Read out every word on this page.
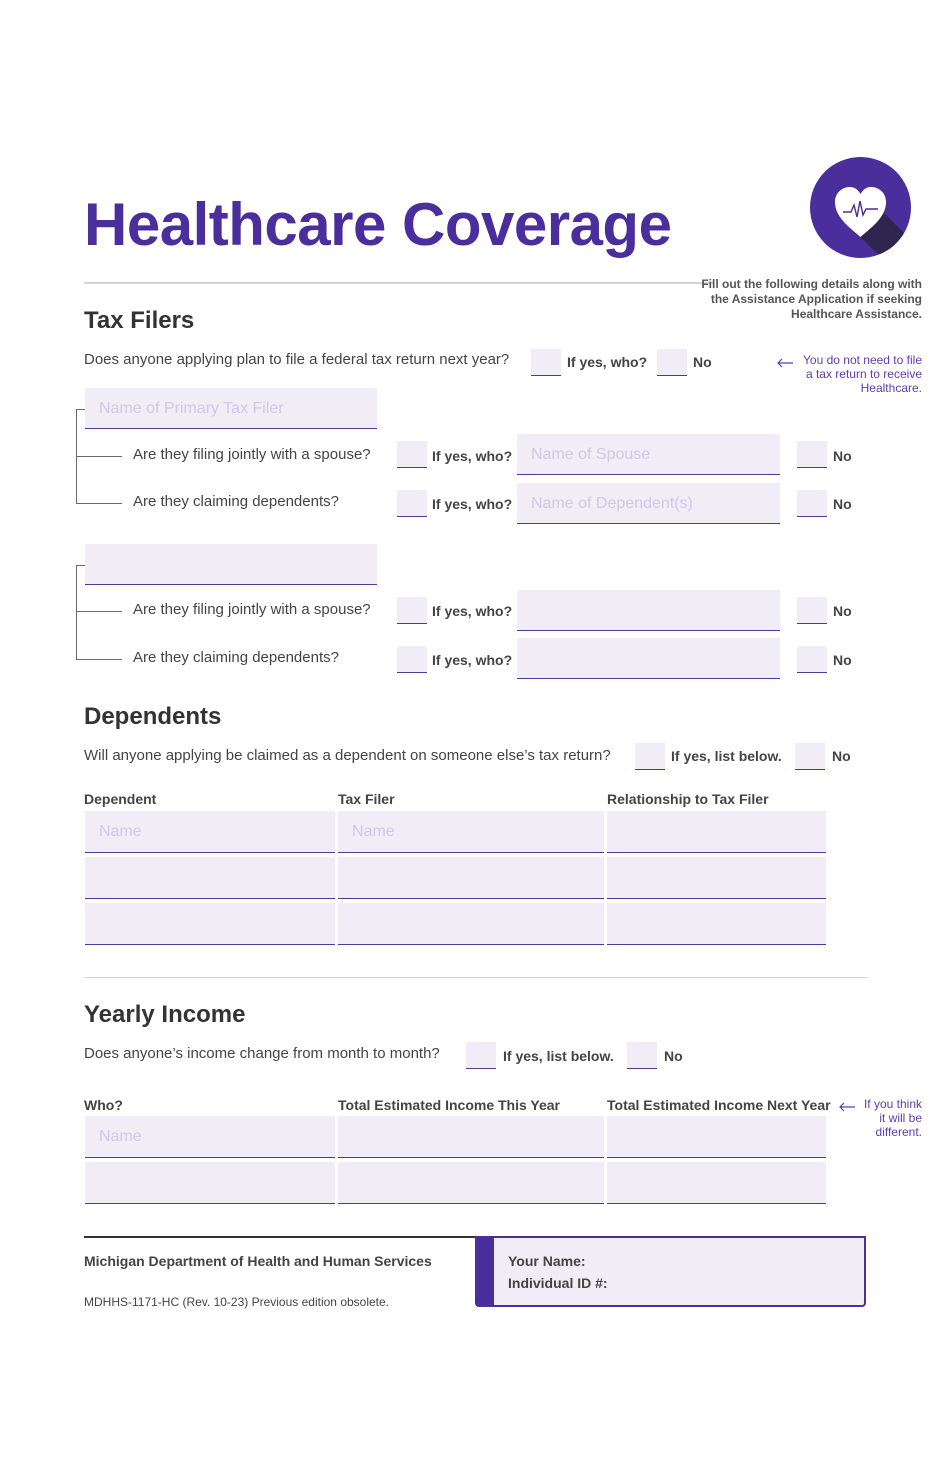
Healthcare Coverage
Fill out the following details along with the Assistance Application if seeking Healthcare Assistance.
Tax Filers
Does anyone applying plan to file a federal tax return next year?	If yes, who?	No	You do not need to file a tax return to receive Healthcare.
Name of Primary Tax Filer
Are they filing jointly with a spouse?	If yes, who? Name of Spouse	No
Are they claiming dependents?	If yes, who? Name of Dependent(s)	No
Are they filing jointly with a spouse?	If yes, who?	No
Are they claiming dependents?	If yes, who?	No
Dependents
Will anyone applying be claimed as a dependent on someone else’s tax return?	If yes, list below.	No
Dependent	Tax Filer	Relationship to Tax Filer
Name	Name
Yearly Income
Does anyone’s income change from month to month?	If yes, list below.	No
Who?	Total Estimated Income This Year	Total Estimated Income Next Year	If you think it will be different.
Name
Michigan Department of Health and Human Services
MDHHS-1171-HC (Rev. 10-23) Previous edition obsolete.
Your Name:
Individual ID #:
